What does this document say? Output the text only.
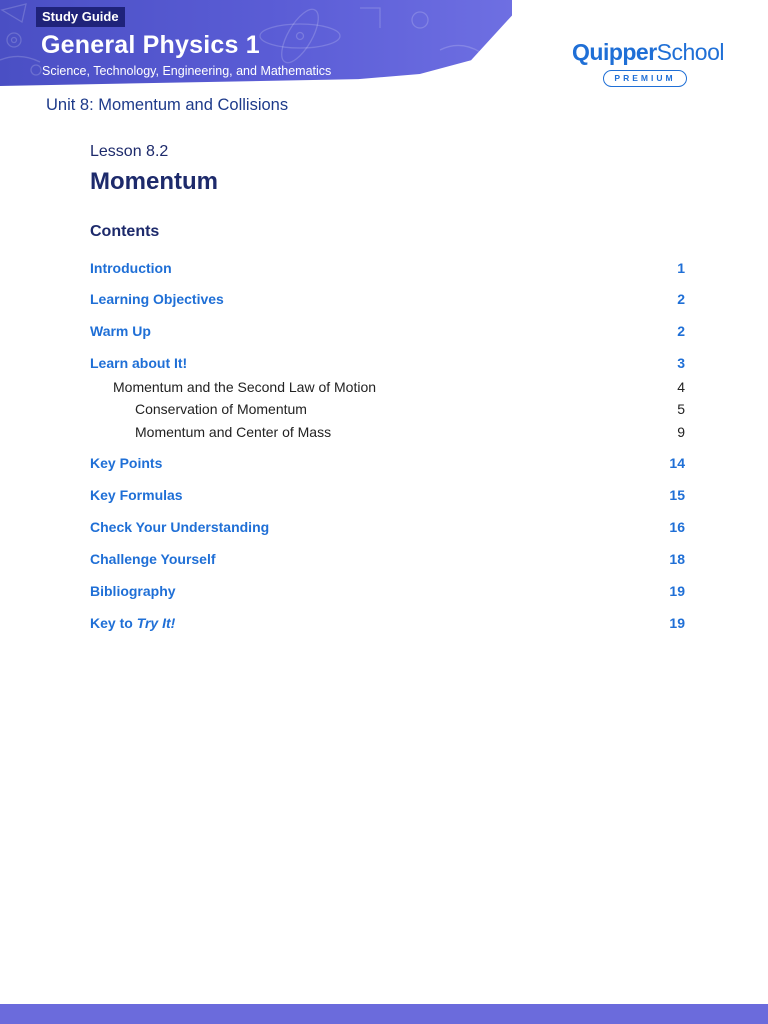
Study Guide
General Physics 1
Science, Technology, Engineering, and Mathematics
QuipperSchool
PREMIUM
Unit 8: Momentum and Collisions
Lesson 8.2
Momentum
Contents
Introduction	1
Learning Objectives	2
Warm Up	2
Learn about It!	3
Momentum and the Second Law of Motion	4
Conservation of Momentum	5
Momentum and Center of Mass	9
Key Points	14
Key Formulas	15
Check Your Understanding	16
Challenge Yourself	18
Bibliography	19
Key to Try It!	19
